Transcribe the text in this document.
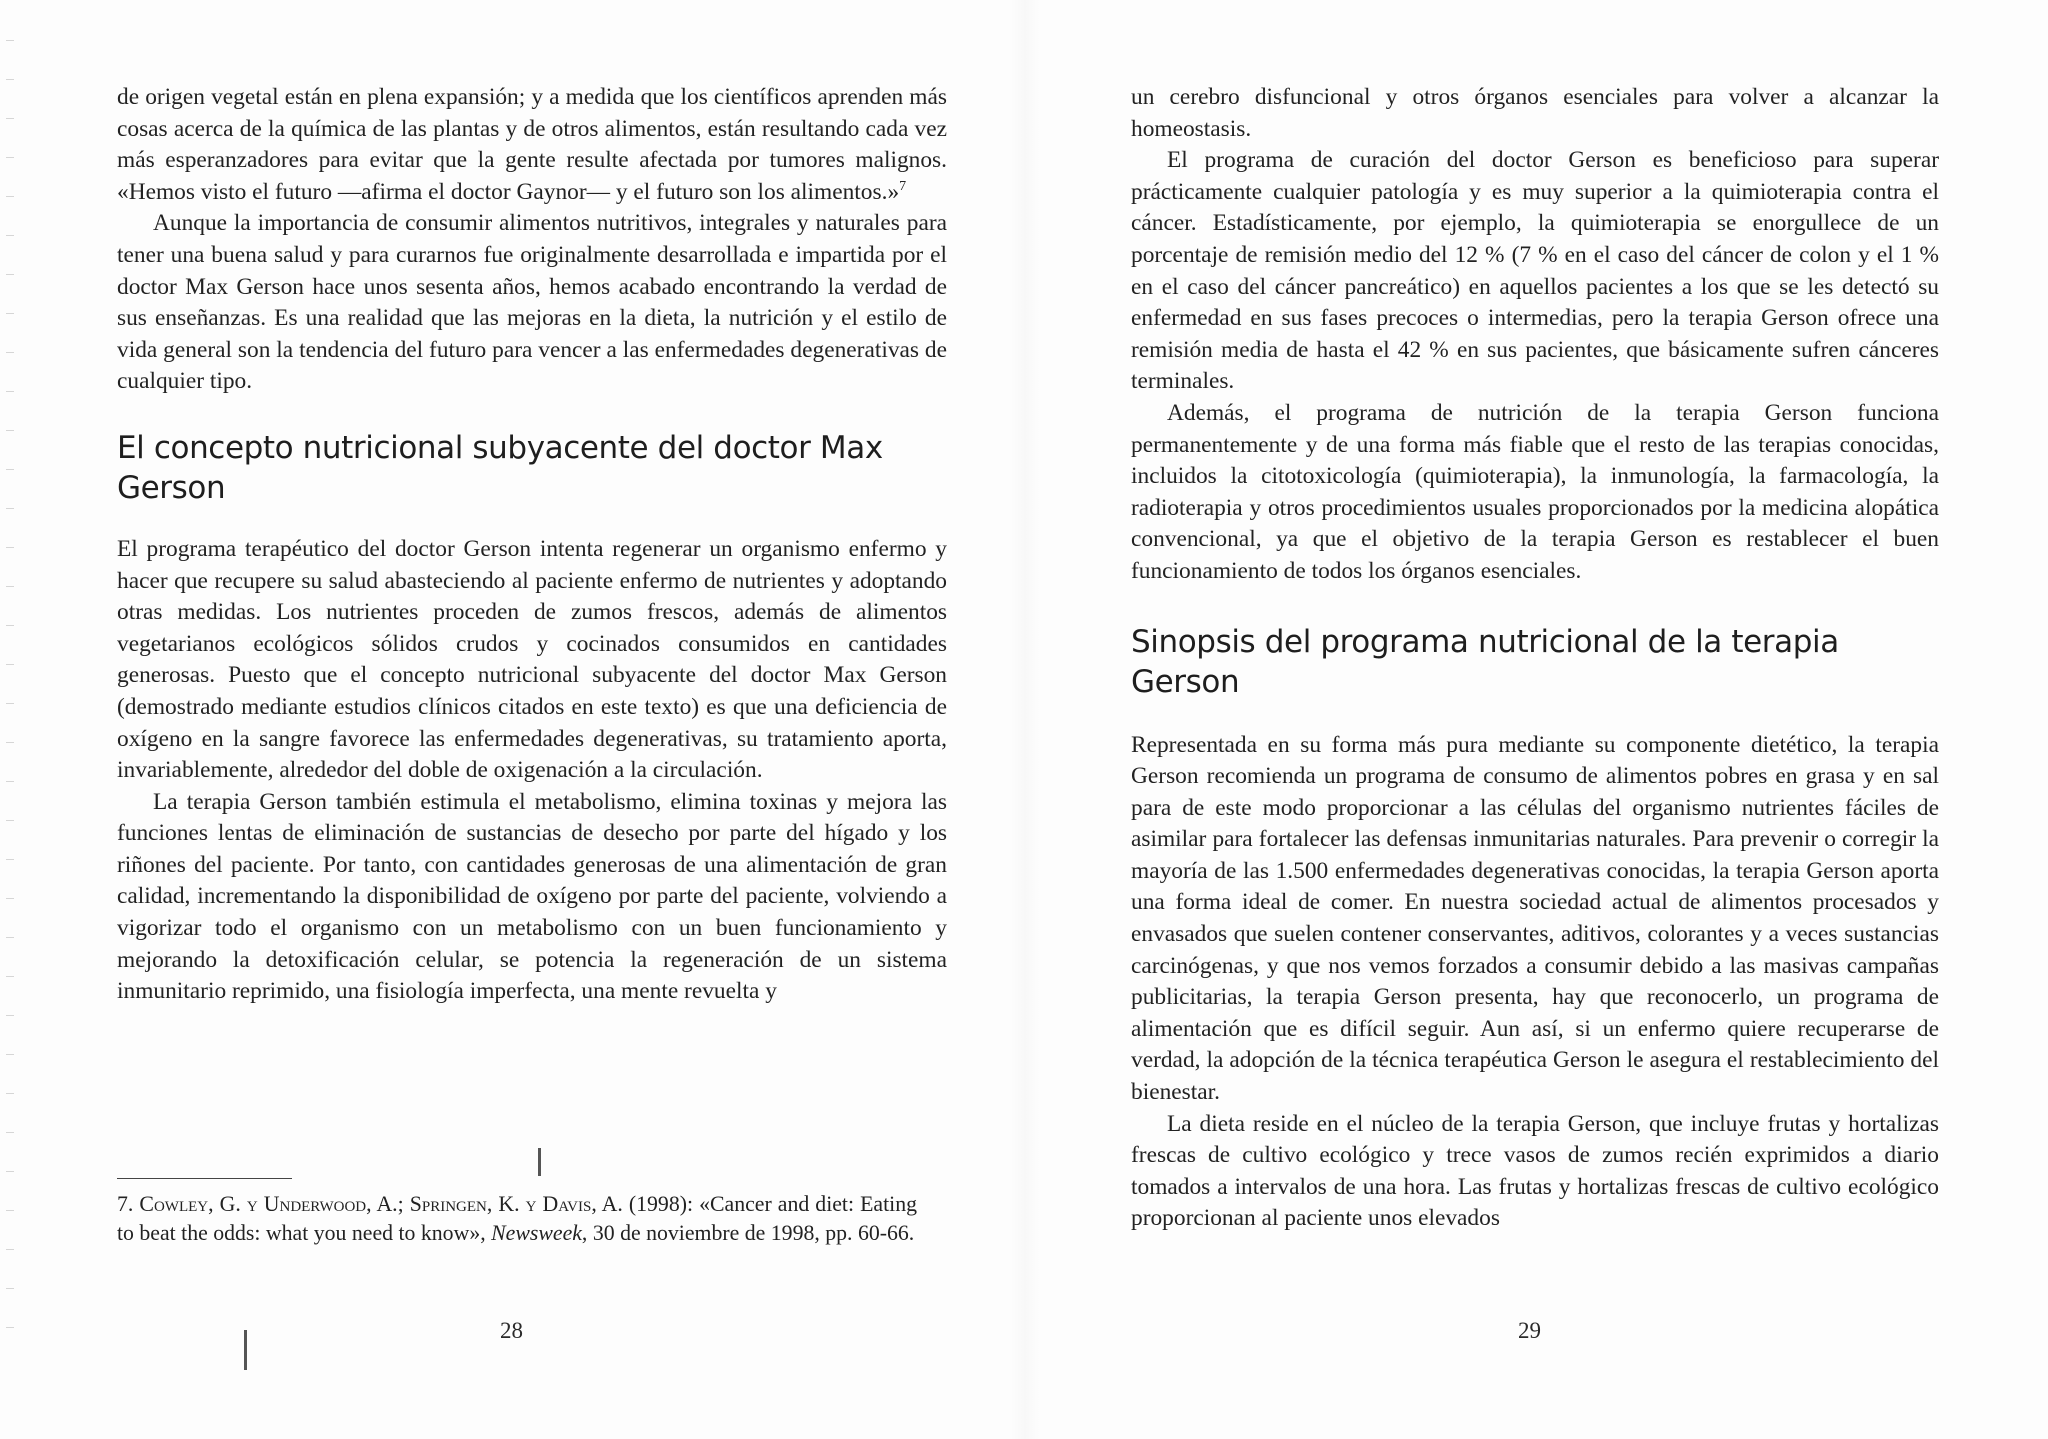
de origen vegetal están en plena expansión; y a medida que los científicos aprenden más cosas acerca de la química de las plantas y de otros alimentos, están resultando cada vez más esperanzadores para evitar que la gente resulte afectada por tumores malignos. «Hemos visto el futuro —afirma el doctor Gaynor— y el futuro son los alimentos.»$^7$

Aunque la importancia de consumir alimentos nutritivos, integrales y naturales para tener una buena salud y para curarnos fue originalmente desarrollada e impartida por el doctor Max Gerson hace unos sesenta años, hemos acabado encontrando la verdad de sus enseñanzas. Es una realidad que las mejoras en la dieta, la nutrición y el estilo de vida general son la tendencia del futuro para vencer a las enfermedades degenerativas de cualquier tipo.

El concepto nutricional subyacente del doctor Max Gerson

El programa terapéutico del doctor Gerson intenta regenerar un organismo enfermo y hacer que recupere su salud abasteciendo al paciente enfermo de nutrientes y adoptando otras medidas. Los nutrientes proceden de zumos frescos, además de alimentos vegetarianos ecológicos sólidos crudos y cocinados consumidos en cantidades generosas. Puesto que el concepto nutricional subyacente del doctor Max Gerson (demostrado mediante estudios clínicos citados en este texto) es que una deficiencia de oxígeno en la sangre favorece las enfermedades degenerativas, su tratamiento aporta, invariablemente, alrededor del doble de oxigenación a la circulación.

La terapia Gerson también estimula el metabolismo, elimina toxinas y mejora las funciones lentas de eliminación de sustancias de desecho por parte del hígado y los riñones del paciente. Por tanto, con cantidades generosas de una alimentación de gran calidad, incrementando la disponibilidad de oxígeno por parte del paciente, volviendo a vigorizar todo el organismo con un metabolismo con un buen funcionamiento y mejorando la detoxificación celular, se potencia la regeneración de un sistema inmunitario reprimido, una fisiología imperfecta, una mente revuelta y

7. Cowley, G. y Underwood, A.; Springen, K. y Davis, A. (1998): «Cancer and diet: Eating to beat the odds: what you need to know», Newsweek, 30 de noviembre de 1998, pp. 60-66.

28

un cerebro disfuncional y otros órganos esenciales para volver a alcanzar la homeostasis.

El programa de curación del doctor Gerson es beneficioso para superar prácticamente cualquier patología y es muy superior a la quimioterapia contra el cáncer. Estadísticamente, por ejemplo, la quimioterapia se enorgullece de un porcentaje de remisión medio del 12 % (7 % en el caso del cáncer de colon y el 1 % en el caso del cáncer pancreático) en aquellos pacientes a los que se les detectó su enfermedad en sus fases precoces o intermedias, pero la terapia Gerson ofrece una remisión media de hasta el 42 % en sus pacientes, que básicamente sufren cánceres terminales.

Además, el programa de nutrición de la terapia Gerson funciona permanentemente y de una forma más fiable que el resto de las terapias conocidas, incluidos la citotoxicología (quimioterapia), la inmunología, la farmacología, la radioterapia y otros procedimientos usuales proporcionados por la medicina alopática convencional, ya que el objetivo de la terapia Gerson es restablecer el buen funcionamiento de todos los órganos esenciales.

Sinopsis del programa nutricional de la terapia Gerson

Representada en su forma más pura mediante su componente dietético, la terapia Gerson recomienda un programa de consumo de alimentos pobres en grasa y en sal para de este modo proporcionar a las células del organismo nutrientes fáciles de asimilar para fortalecer las defensas inmunitarias naturales. Para prevenir o corregir la mayoría de las 1.500 enfermedades degenerativas conocidas, la terapia Gerson aporta una forma ideal de comer. En nuestra sociedad actual de alimentos procesados y envasados que suelen contener conservantes, aditivos, colorantes y a veces sustancias carcinógenas, y que nos vemos forzados a consumir debido a las masivas campañas publicitarias, la terapia Gerson presenta, hay que reconocerlo, un programa de alimentación que es difícil seguir. Aun así, si un enfermo quiere recuperarse de verdad, la adopción de la técnica terapéutica Gerson le asegura el restablecimiento del bienestar.

La dieta reside en el núcleo de la terapia Gerson, que incluye frutas y hortalizas frescas de cultivo ecológico y trece vasos de zumos recién exprimidos a diario tomados a intervalos de una hora. Las frutas y hortalizas frescas de cultivo ecológico proporcionan al paciente unos elevados

29
